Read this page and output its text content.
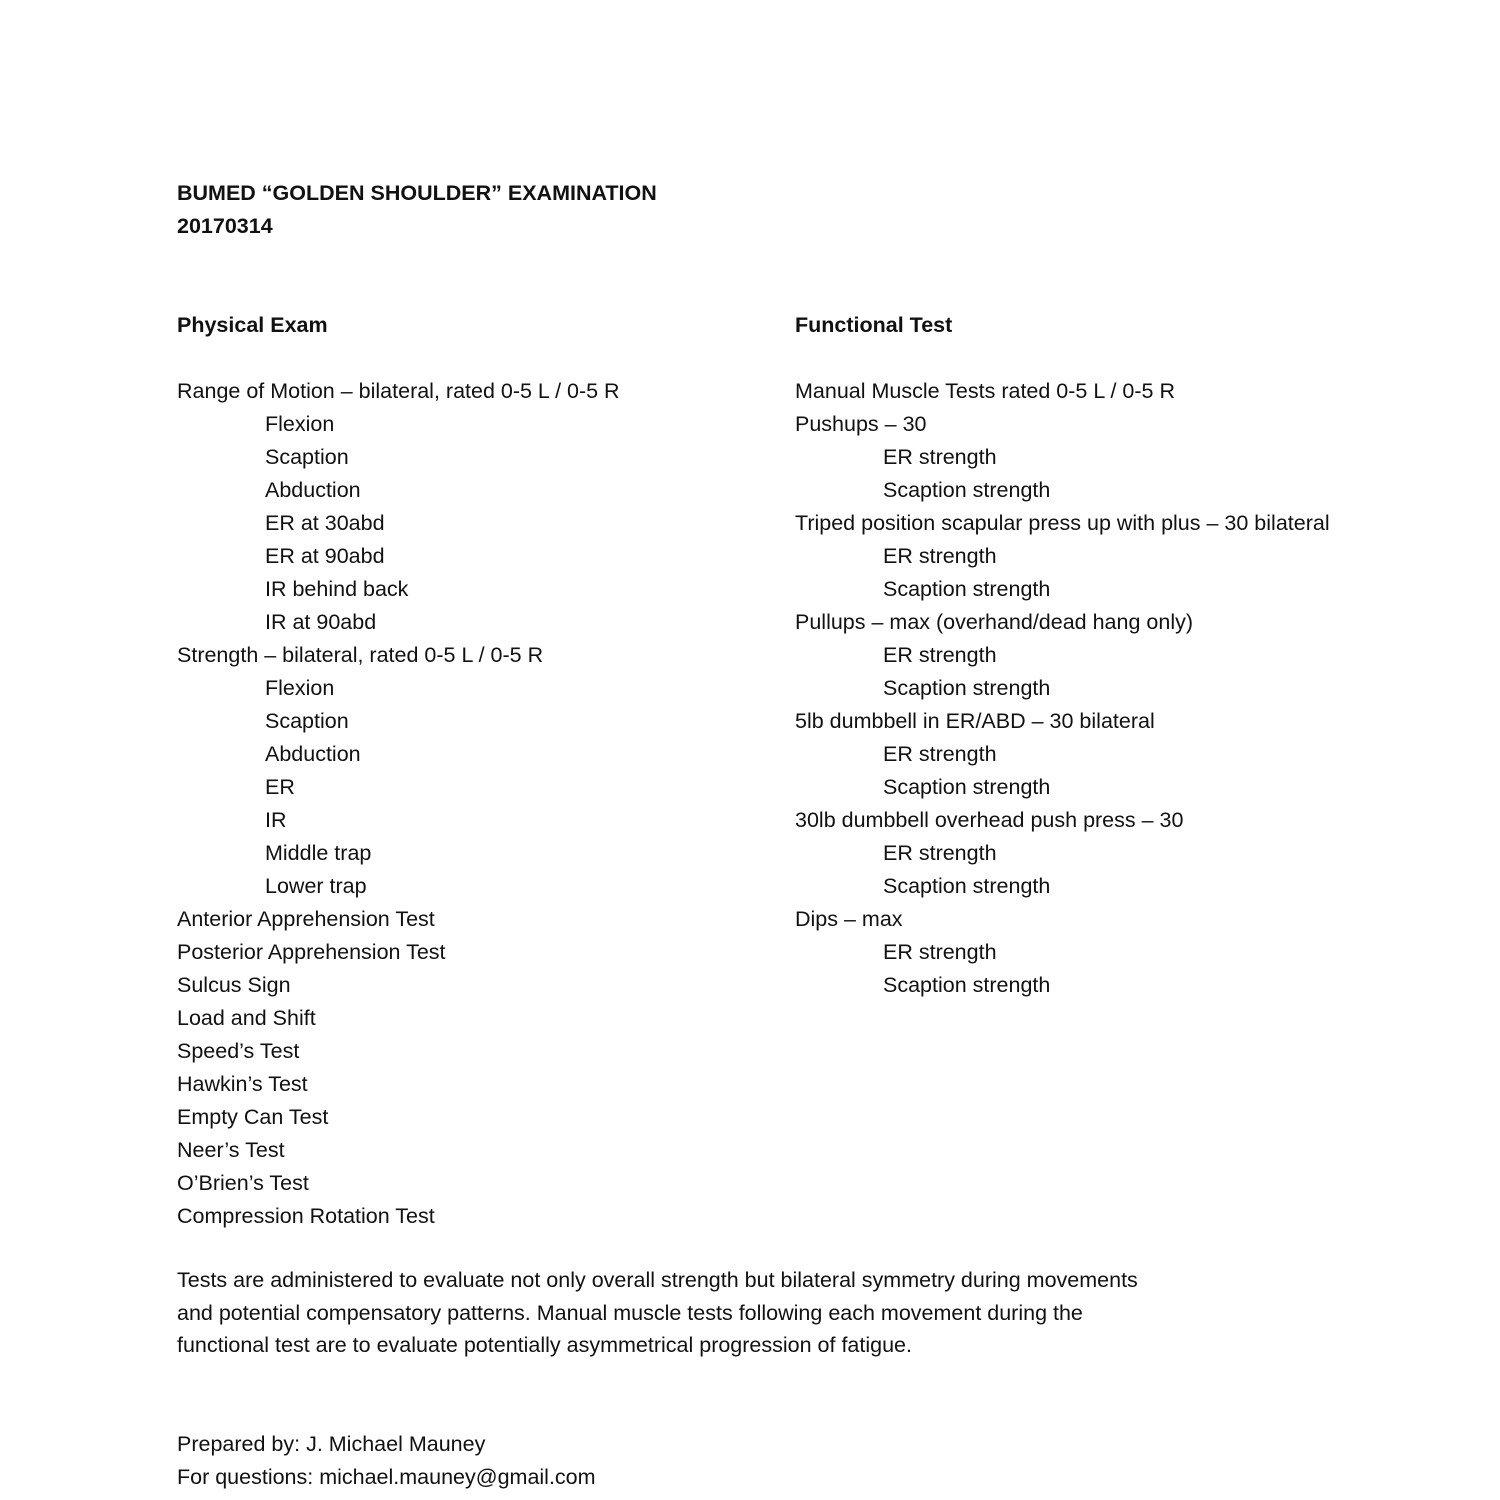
BUMED “GOLDEN SHOULDER” EXAMINATION
20170314
Physical Exam	Functional Test
Range of Motion – bilateral, rated 0-5 L / 0-5 R
Flexion
Scaption
Abduction
ER at 30abd
ER at 90abd
IR behind back
IR at 90abd
Strength – bilateral, rated 0-5 L / 0-5 R
Flexion
Scaption
Abduction
ER
IR
Middle trap
Lower trap
Anterior Apprehension Test
Posterior Apprehension Test
Sulcus Sign
Load and Shift
Speed’s Test
Hawkin’s Test
Empty Can Test
Neer’s Test
O’Brien’s Test
Compression Rotation Test
Manual Muscle Tests rated 0-5 L / 0-5 R
Pushups – 30
ER strength
Scaption strength
Triped position scapular press up with plus – 30 bilateral
ER strength
Scaption strength
Pullups – max (overhand/dead hang only)
ER strength
Scaption strength
5lb dumbbell in ER/ABD – 30 bilateral
ER strength
Scaption strength
30lb dumbbell overhead push press – 30
ER strength
Scaption strength
Dips – max
ER strength
Scaption strength
Tests are administered to evaluate not only overall strength but bilateral symmetry during movements
and potential compensatory patterns. Manual muscle tests following each movement during the
functional test are to evaluate potentially asymmetrical progression of fatigue.
Prepared by: J. Michael Mauney
For questions: michael.mauney@gmail.com
